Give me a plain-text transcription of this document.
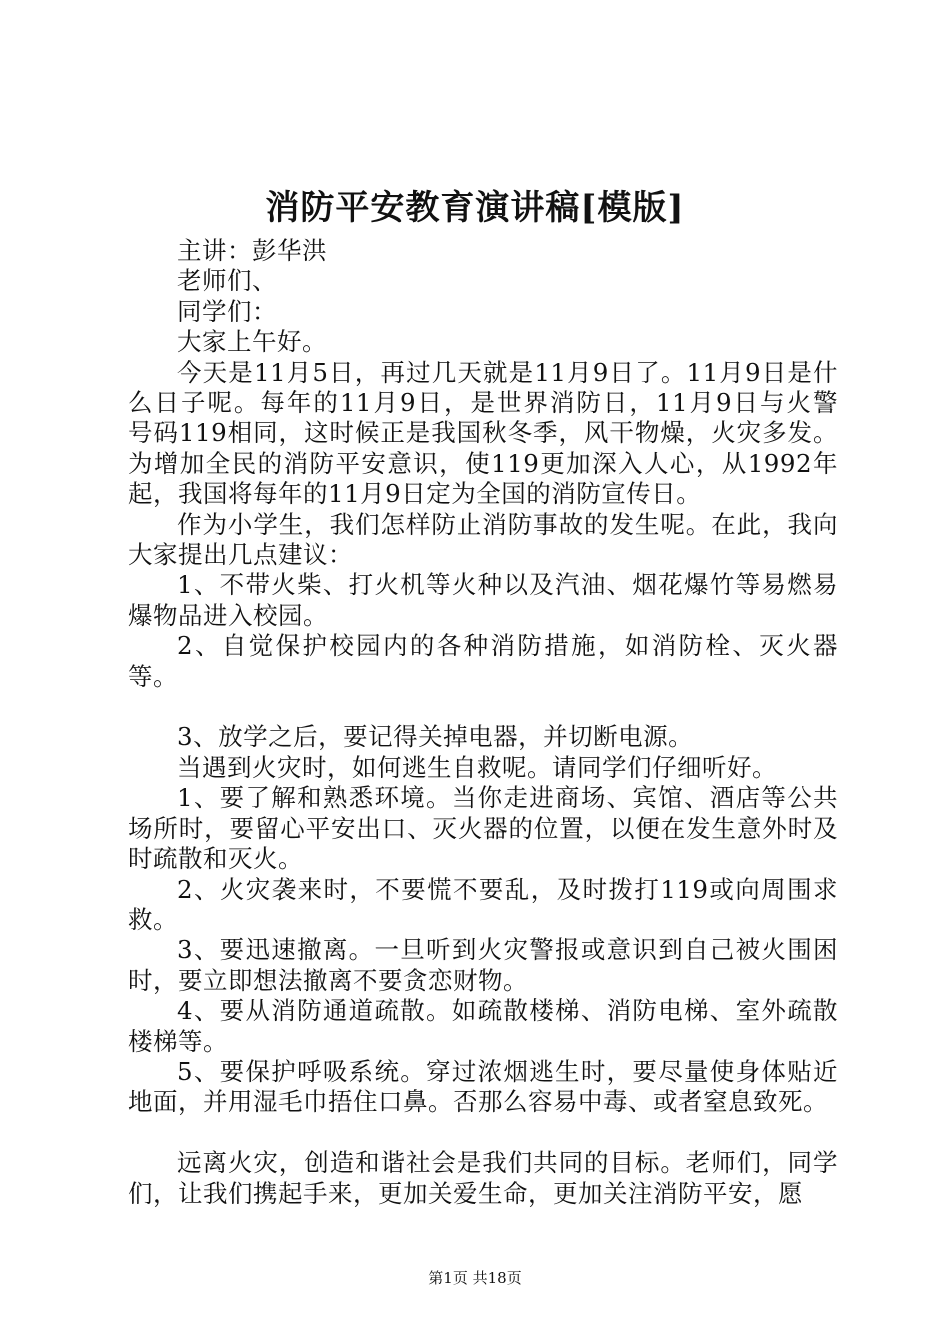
消防平安教育演讲稿[模版]

主讲：彭华洪

老师们、

同学们：

大家上午好。

今天是11月5日，再过几天就是11月9日了。11月9日是什么日子呢。每年的11月9日，是世界消防日，11月9日与火警　 号码119相同，这时候正是我国秋冬季，风干物燥，火灾多发。为增加全民的消防平安意识，使119更加深入人心，从1992年起，我国将每年的11月9日定为全国的消防宣传日。

作为小学生，我们怎样防止消防事故的发生呢。在此，我向大家提出几点建议：

1、不带火柴、打火机等火种以及汽油、烟花爆竹等易燃易爆物品进入校园。

2、自觉保护校园内的各种消防措施，如消防栓、灭火器等。

3、放学之后，要记得关掉电器，并切断电源。

当遇到火灾时，如何逃生自救呢。请同学们仔细听好。

1、要了解和熟悉环境。当你走进商场、宾馆、酒店等公共场所时，要留心平安出口、灭火器的位置，以便在发生意外时及时疏散和灭火。

2、火灾袭来时，不要慌不要乱，及时拨打119或向周围求救。

3、要迅速撤离。一旦听到火灾警报或意识到自己被火围困时，要立即想法撤离不要贪恋财物。

4、要从消防通道疏散。如疏散楼梯、消防电梯、室外疏散楼梯等。

5、要保护呼吸系统。穿过浓烟逃生时，要尽量使身体贴近地面，并用湿毛巾捂住口鼻。否那么容易中毒、或者窒息致死。

远离火灾，创造和谐社会是我们共同的目标。老师们，同学们，让我们携起手来，更加关爱生命，更加关注消防平安，愿

第1页 共18页
